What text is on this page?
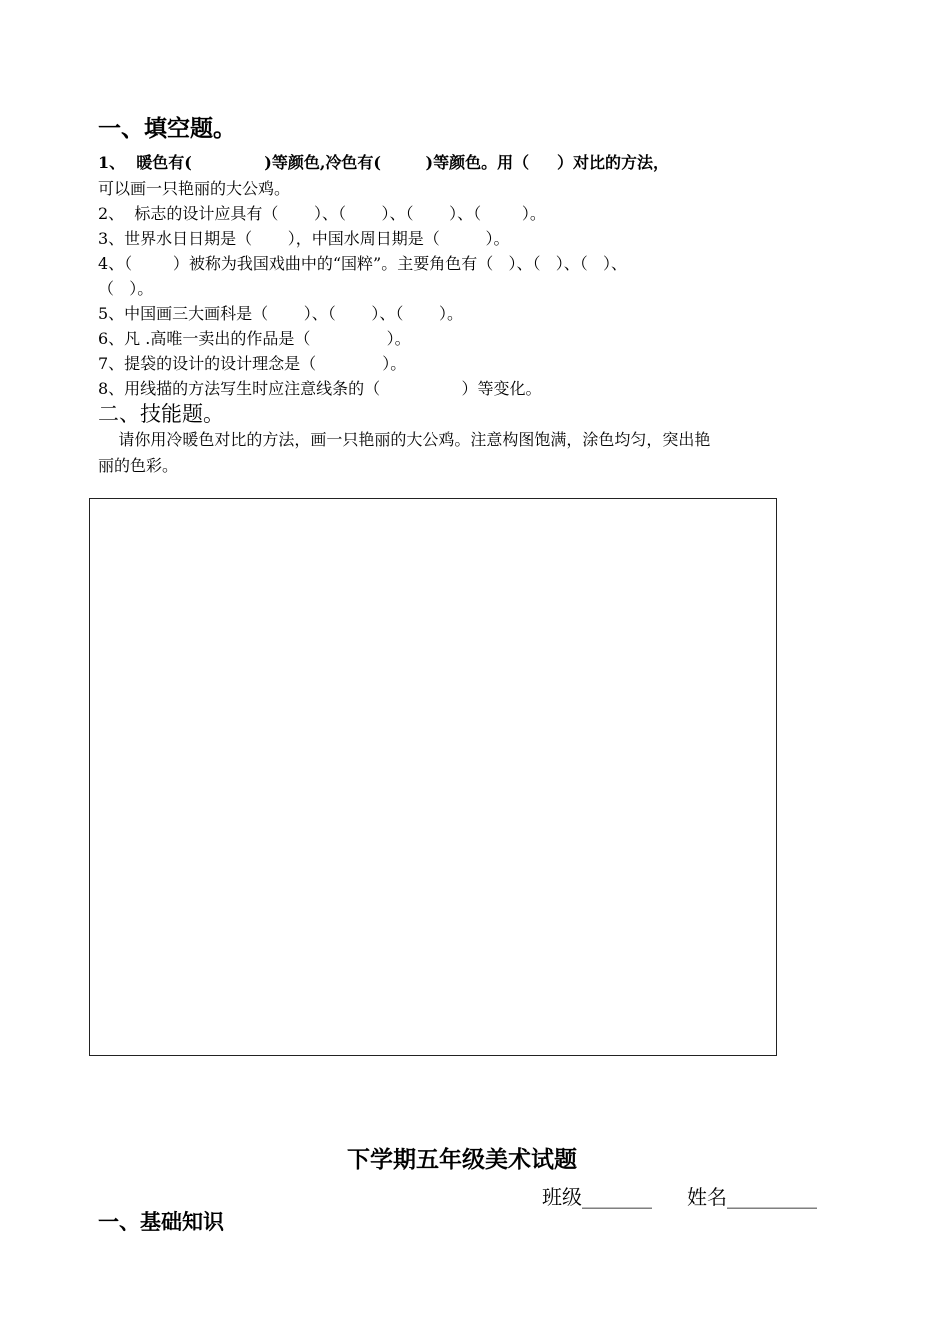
一、填空题。
1、  暖色有(             )等颜色,冷色有(        )等颜色。用（     ）对比的方法，
可以画一只艳丽的大公鸡。
2、  标志的设计应具有（       ）、（       ）、（       ）、（        ）。
3、世界水日日期是（       ），中国水周日期是（         ）。
4、（        ）被称为我国戏曲中的“国粹”。主要角色有（   ）、（   ）、（   ）、
（   ）。
5、中国画三大画科是（       ）、（       ）、（       ）。
6、凡 .高唯一卖出的作品是（               ）。
7、提袋的设计的设计理念是（             ）。
8、用线描的方法写生时应注意线条的（                ）等变化。
二、技能题。
请你用冷暖色对比的方法，画一只艳丽的大公鸡。注意构图饱满，涂色均匀，突出艳
丽的色彩。
下学期五年级美术试题
班级_______ 姓名_________
一、基础知识
